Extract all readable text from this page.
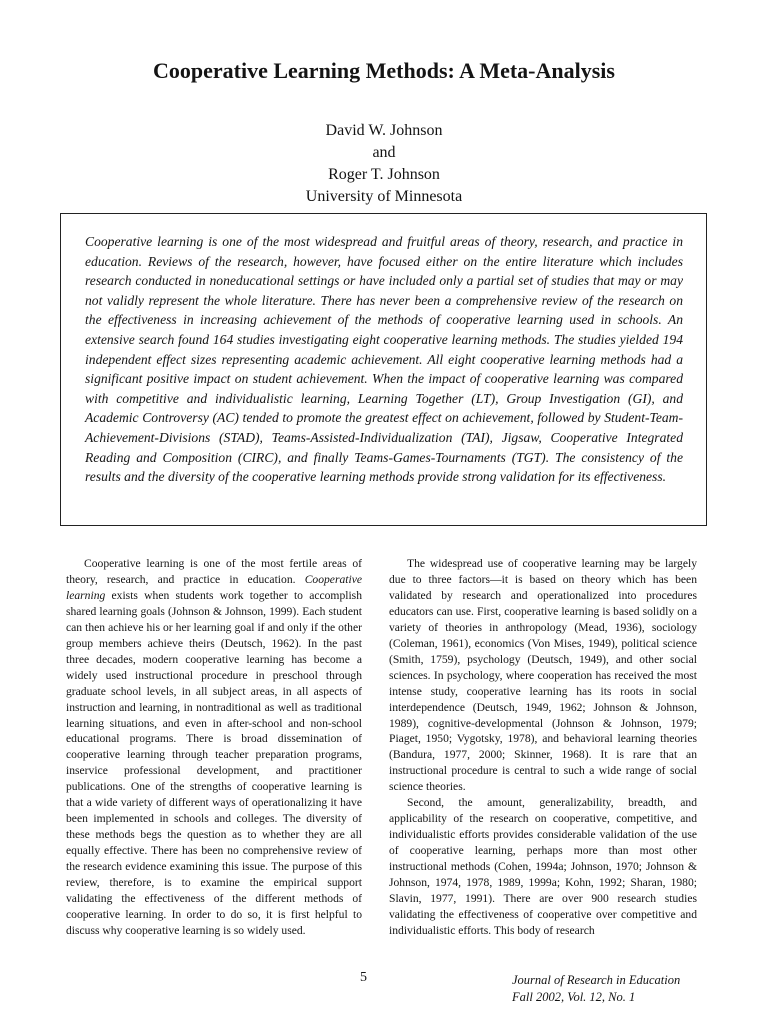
Cooperative Learning Methods: A Meta-Analysis
David W. Johnson
and
Roger T. Johnson
University of Minnesota

Cooperative learning is one of the most widespread and fruitful areas of theory, research, and practice in education. Reviews of the research, however, have focused either on the entire literature which includes research conducted in noneducational settings or have included only a partial set of studies that may or may not validly represent the whole literature. There has never been a comprehensive review of the research on the effectiveness in increasing achievement of the methods of cooperative learning used in schools. An extensive search found 164 studies investigating eight cooperative learning methods. The studies yielded 194 independent effect sizes representing academic achievement. All eight cooperative learning methods had a significant positive impact on student achievement. When the impact of cooperative learning was compared with competitive and individualistic learning, Learning Together (LT), Group Investigation (GI), and Academic Controversy (AC) tended to promote the greatest effect on achievement, followed by Student-Team-Achievement-Divisions (STAD), Teams-Assisted-Individualization (TAI), Jigsaw, Cooperative Integrated Reading and Composition (CIRC), and finally Teams-Games-Tournaments (TGT). The consistency of the results and the diversity of the cooperative learning methods provide strong validation for its effectiveness.

Cooperative learning is one of the most fertile areas of theory, research, and practice in education. Cooperative learning exists when students work together to accomplish shared learning goals (Johnson & Johnson, 1999). Each student can then achieve his or her learning goal if and only if the other group members achieve theirs (Deutsch, 1962). In the past three decades, modern cooperative learning has become a widely used instructional procedure in preschool through graduate school levels, in all subject areas, in all aspects of instruction and learning, in nontraditional as well as traditional learning situations, and even in after-school and non-school educational programs. There is broad dissemination of cooperative learning through teacher preparation programs, inservice professional development, and practitioner publications. One of the strengths of cooperative learning is that a wide variety of different ways of operationalizing it have been implemented in schools and colleges. The diversity of these methods begs the question as to whether they are all equally effective. There has been no comprehensive review of the research evidence examining this issue. The purpose of this review, therefore, is to examine the empirical support validating the effectiveness of the different methods of cooperative learning. In order to do so, it is first helpful to discuss why cooperative learning is so widely used.

The widespread use of cooperative learning may be largely due to three factors—it is based on theory which has been validated by research and operationalized into procedures educators can use. First, cooperative learning is based solidly on a variety of theories in anthropology (Mead, 1936), sociology (Coleman, 1961), economics (Von Mises, 1949), political science (Smith, 1759), psychology (Deutsch, 1949), and other social sciences. In psychology, where cooperation has received the most intense study, cooperative learning has its roots in social interdependence (Deutsch, 1949, 1962; Johnson & Johnson, 1989), cognitive-developmental (Johnson & Johnson, 1979; Piaget, 1950; Vygotsky, 1978), and behavioral learning theories (Bandura, 1977, 2000; Skinner, 1968). It is rare that an instructional procedure is central to such a wide range of social science theories.

Second, the amount, generalizability, breadth, and applicability of the research on cooperative, competitive, and individualistic efforts provides considerable validation of the use of cooperative learning, perhaps more than most other instructional methods (Cohen, 1994a; Johnson, 1970; Johnson & Johnson, 1974, 1978, 1989, 1999a; Kohn, 1992; Sharan, 1980; Slavin, 1977, 1991). There are over 900 research studies validating the effectiveness of cooperative over competitive and individualistic efforts. This body of research

5	Journal of Research in Education
Fall 2002, Vol. 12, No. 1
